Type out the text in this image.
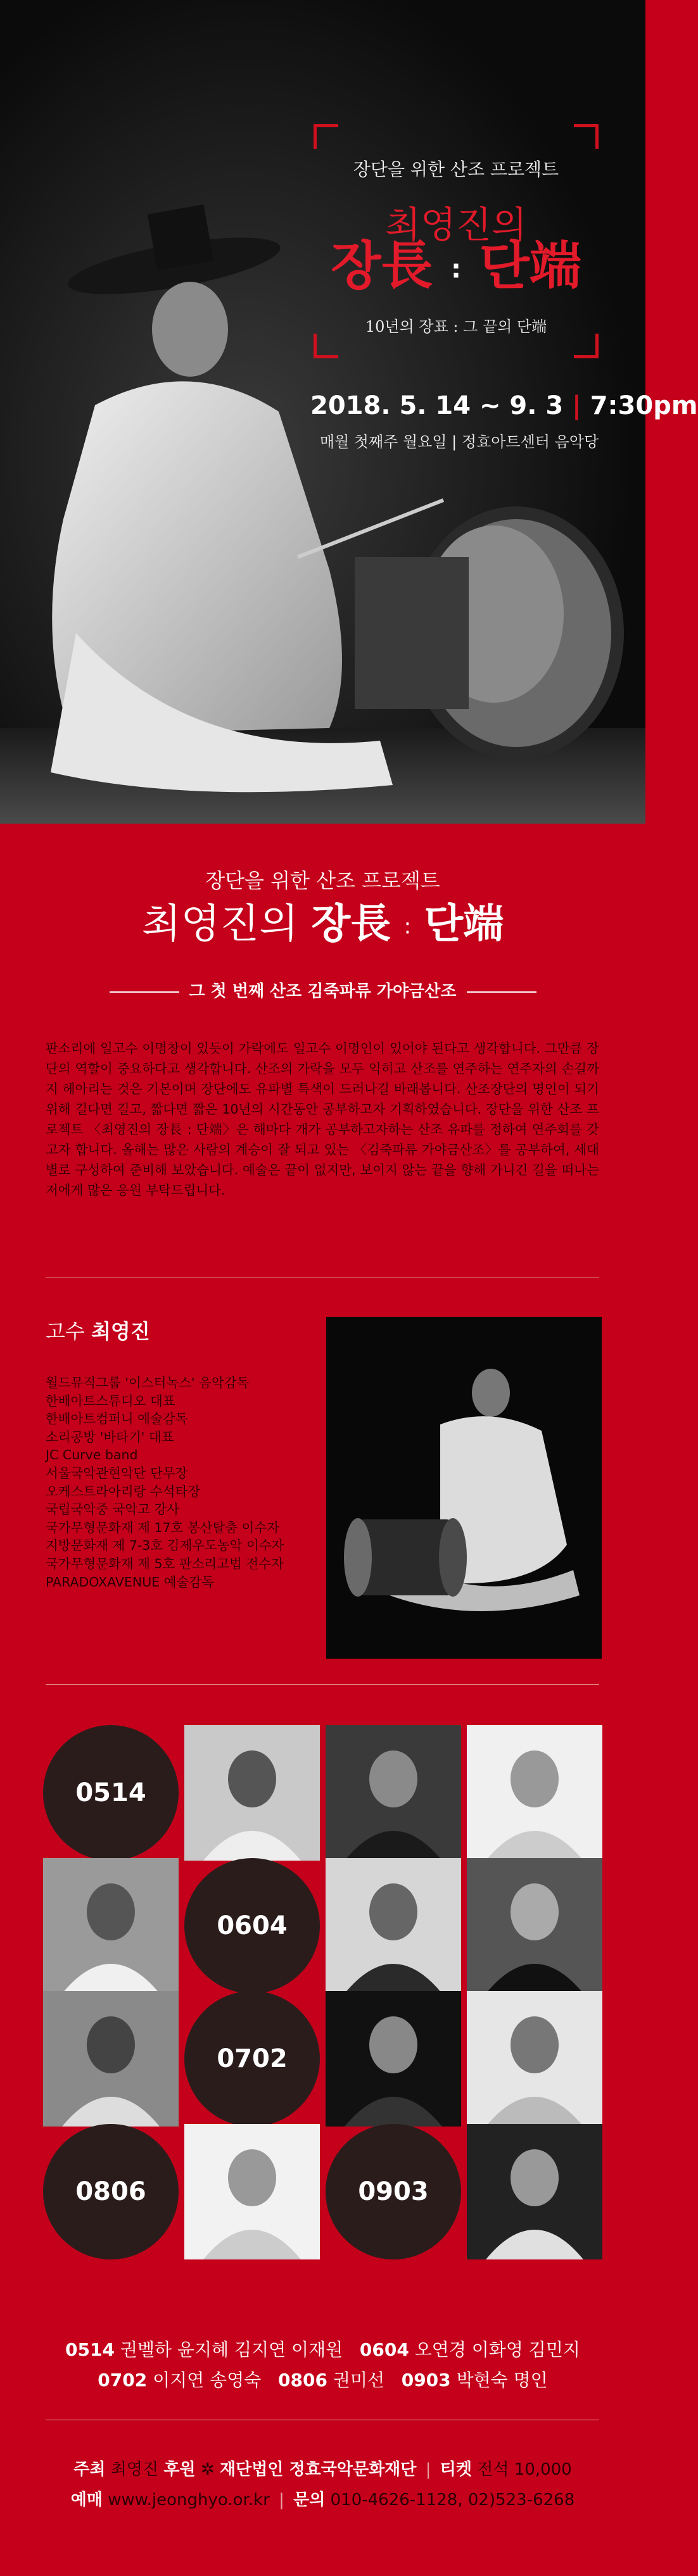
장단을 위한 산조 프로젝트
최영진의
장長 : 단端
10년의 장표 : 그 끝의 단端
2018. 5. 14 ~ 9. 3 | 7:30pm
매월 첫째주 월요일 | 정효아트센터 음악당
장단을 위한 산조 프로젝트
최영진의 장長 : 단端
그 첫 번째 산조 김죽파류 가야금산조
판소리에 일고수 이명창이 있듯이 가락에도 일고수 이명인이 있어야 된다고 생각합니다. 그만큼 장단의 역할이 중요하다고 생각합니다. 산조의 가락을 모두 익히고 산조를 연주하는 연주자의 손길까지 헤아리는 것은 기본이며 장단에도 유파별 특색이 드러나길 바래봅니다. 산조장단의 명인이 되기 위해 길다면 길고, 짧다면 짧은 10년의 시간동안 공부하고자 기획하였습니다. 장단을 위한 산조 프로젝트 〈최영진의 장長 : 단端〉은 해마다 개가 공부하고자하는 산조 유파를 정하여 연주회를 갖고자 합니다. 올해는 많은 사람의 계승이 잘 되고 있는 〈김죽파류 가야금산조〉를 공부하여, 세대별로 구성하여 준비해 보았습니다. 예술은 끝이 없지만, 보이지 않는 끝을 향해 가니긴 길을 떠나는 저에게 많은 응원 부탁드립니다.
고수 최영진
월드뮤직그룹 '이스터녹스' 음악감독
한배아트스튜디오 대표
한배아트컴퍼니 예술감독
소리공방 '바타기' 대표
JC Curve band
서울국악관현악단 단무장
오케스트라아리랑 수석타장
국립국악중 국악고 강사
국가무형문화재 제 17호 봉산탈춤 이수자
지방문화재 제 7-3호 김제우도농악 이수자
국가무형문화재 제 5호 판소리고법 전수자
PARADOXAVENUE 예술감독
0514
0604
0702
0806	0903
0514 권벨하 윤지혜 김지연 이재원 0604 오연경 이화영 김민지
0702 이지연 송영숙 0806 권미선 0903 박현숙 명인
주최 최영진 후원 ✲ 재단법인 정효국악문화재단 | 티켓 전석 10,000
예매 www.jeonghyo.or.kr | 문의 010-4626-1128, 02)523-6268
